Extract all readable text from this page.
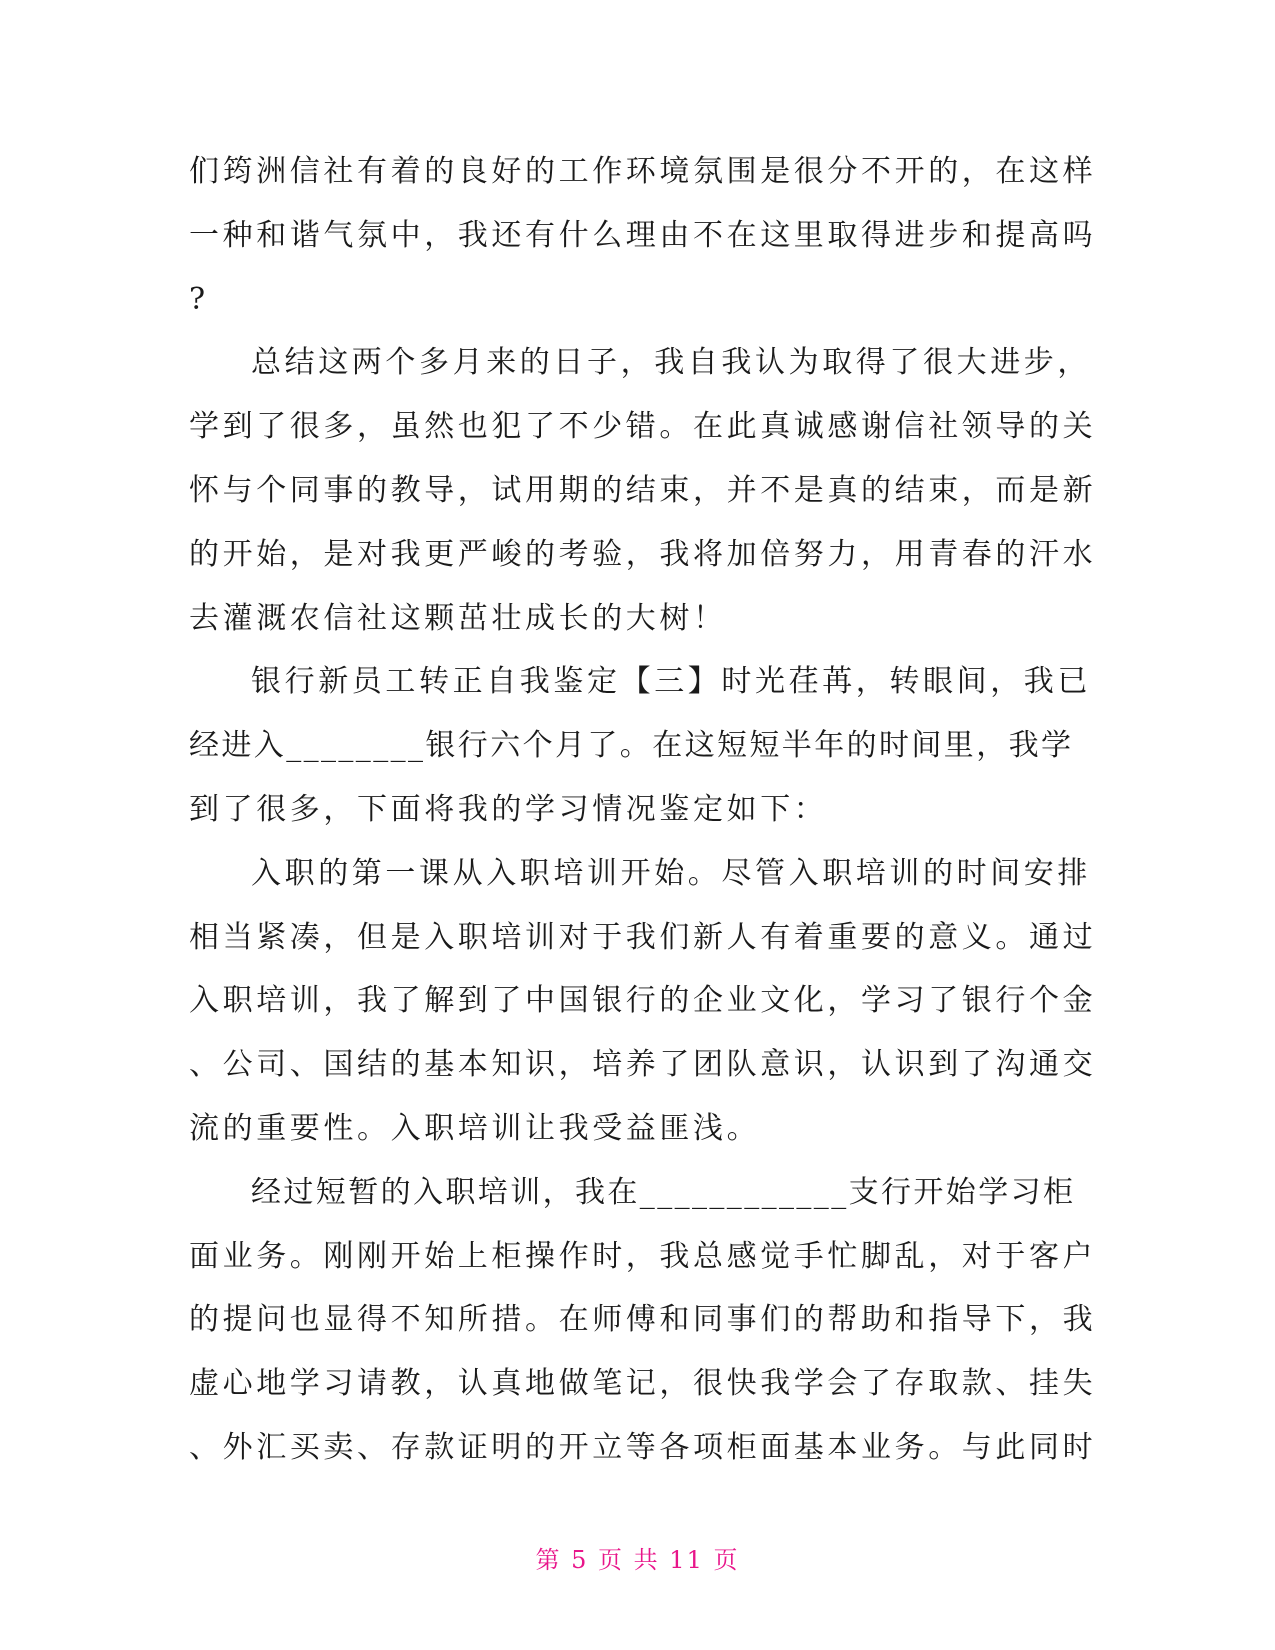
们筠洲信社有着的良好的工作环境氛围是很分不开的，在这样
一种和谐气氛中，我还有什么理由不在这里取得进步和提高吗
?
总结这两个多月来的日子，我自我认为取得了很大进步，
学到了很多，虽然也犯了不少错。在此真诚感谢信社领导的关
怀与个同事的教导，试用期的结束，并不是真的结束，而是新
的开始，是对我更严峻的考验，我将加倍努力，用青春的汗水
去灌溉农信社这颗茁壮成长的大树！
银行新员工转正自我鉴定【三】时光荏苒，转眼间，我已
经进入________银行六个月了。在这短短半年的时间里，我学
到了很多，下面将我的学习情况鉴定如下：
入职的第一课从入职培训开始。尽管入职培训的时间安排
相当紧凑，但是入职培训对于我们新人有着重要的意义。通过
入职培训，我了解到了中国银行的企业文化，学习了银行个金
、公司、国结的基本知识，培养了团队意识，认识到了沟通交
流的重要性。入职培训让我受益匪浅。
经过短暂的入职培训，我在____________支行开始学习柜
面业务。刚刚开始上柜操作时，我总感觉手忙脚乱，对于客户
的提问也显得不知所措。在师傅和同事们的帮助和指导下，我
虚心地学习请教，认真地做笔记，很快我学会了存取款、挂失
、外汇买卖、存款证明的开立等各项柜面基本业务。与此同时
第 5 页 共 11 页
